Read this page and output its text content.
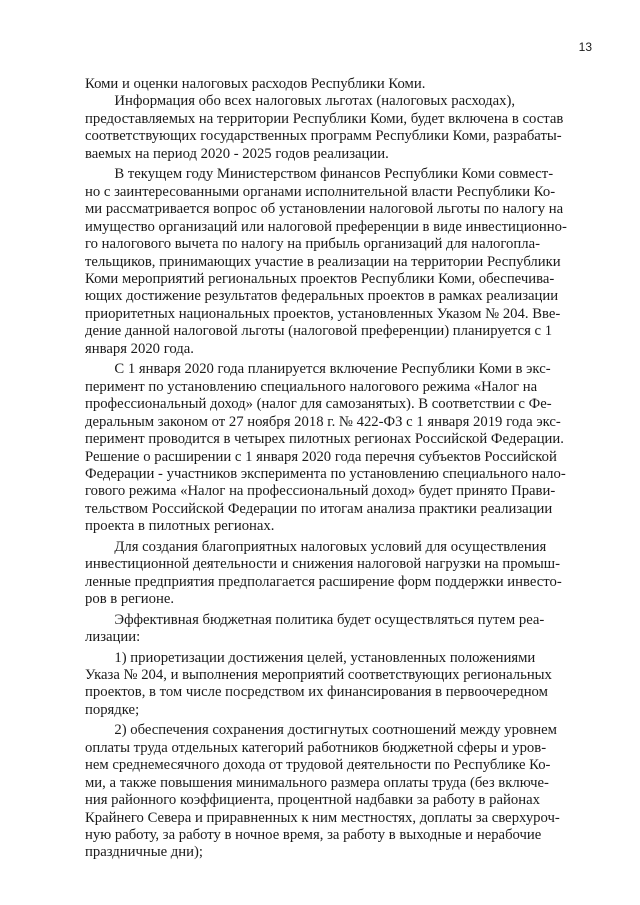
13
Коми и оценки налоговых расходов Республики Коми.
Информация обо всех налоговых льготах (налоговых расходах),
предоставляемых на территории Республики Коми, будет включена в состав
соответствующих государственных программ Республики Коми, разрабаты-
ваемых на период 2020 - 2025 годов реализации.
В текущем году Министерством финансов Республики Коми совмест-
но с заинтересованными органами исполнительной власти Республики Ко-
ми рассматривается вопрос об установлении налоговой льготы по налогу на
имущество организаций или налоговой преференции в виде инвестиционно-
го налогового вычета по налогу на прибыль организаций для налогопла-
тельщиков, принимающих участие в реализации на территории Республики
Коми мероприятий региональных проектов Республики Коми, обеспечива-
ющих достижение результатов федеральных проектов в рамках реализации
приоритетных национальных проектов, установленных Указом № 204. Вве-
дение данной налоговой льготы (налоговой преференции) планируется с 1
января 2020 года.
С 1 января 2020 года планируется включение Республики Коми в экс-
перимент по установлению специального налогового режима «Налог на
профессиональный доход» (налог для самозанятых). В соответствии с Фе-
деральным законом от 27 ноября 2018 г. № 422-ФЗ с 1 января 2019 года экс-
перимент проводится в четырех пилотных регионах Российской Федерации.
Решение о расширении с 1 января 2020 года перечня субъектов Российской
Федерации - участников эксперимента по установлению специального нало-
гового режима «Налог на профессиональный доход» будет принято Прави-
тельством Российской Федерации по итогам анализа практики реализации
проекта в пилотных регионах.
Для создания благоприятных налоговых условий для осуществления
инвестиционной деятельности и снижения налоговой нагрузки на промыш-
ленные предприятия предполагается расширение форм поддержки инвесто-
ров в регионе.
Эффективная бюджетная политика будет осуществляться путем реа-
лизации:
1) приоретизации достижения целей, установленных положениями
Указа № 204, и выполнения мероприятий соответствующих региональных
проектов, в том числе посредством их финансирования в первоочередном
порядке;
2) обеспечения сохранения достигнутых соотношений между уровнем
оплаты труда отдельных категорий работников бюджетной сферы и уров-
нем среднемесячного дохода от трудовой деятельности по Республике Ко-
ми, а также повышения минимального размера оплаты труда (без включе-
ния районного коэффициента, процентной надбавки за работу в районах
Крайнего Севера и приравненных к ним местностях, доплаты за сверхуроч-
ную работу, за работу в ночное время, за работу в выходные и нерабочие
праздничные дни);
